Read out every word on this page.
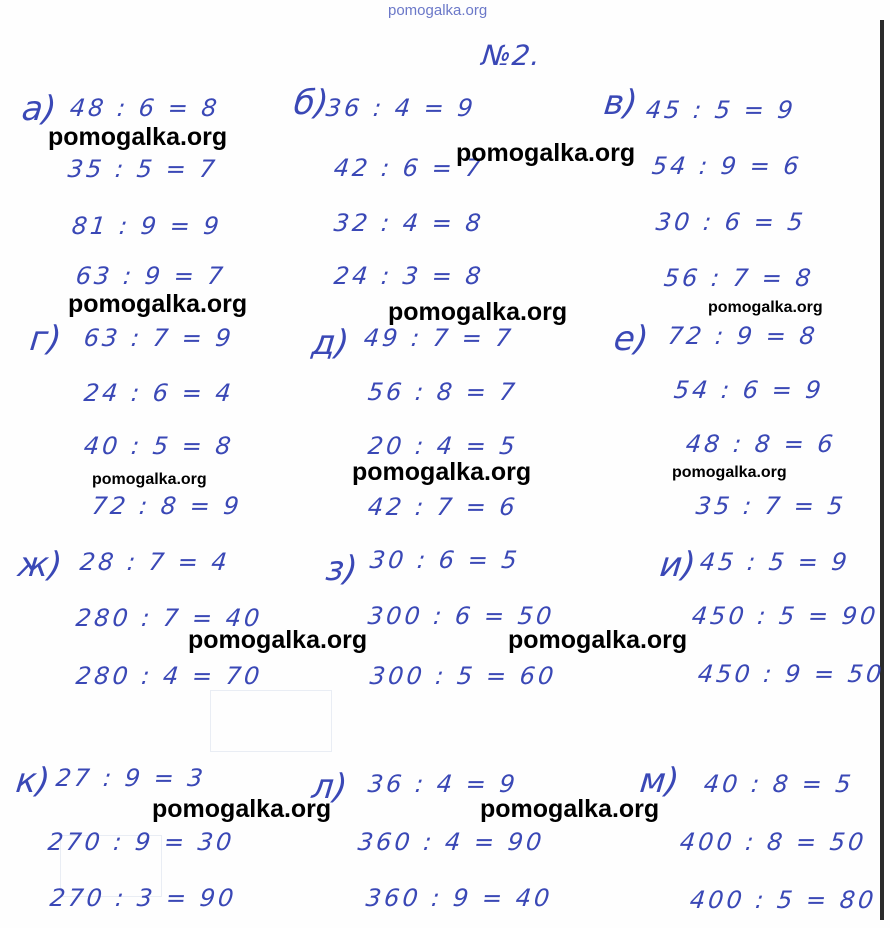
pomogalka.org
№2.
а) 48 : 6 = 8
35 : 5 = 7
81 : 9 = 9
63 : 9 = 7
б)
36 : 4 = 9
42 : 6 = 7
32 : 4 = 8
24 : 3 = 8
в) 45 : 5 = 9
54 : 9 = 6
30 : 6 = 5
56 : 7 = 8
г) 63 : 7 = 9
24 : 6 = 4
40 : 5 = 8
72 : 8 = 9
д) 49 : 7 = 7
56 : 8 = 7
20 : 4 = 5
42 : 7 = 6
е) 72 : 9 = 8
54 : 6 = 9
48 : 8 = 6
35 : 7 = 5
ж) 28 : 7 = 4
280 : 7 = 40
280 : 4 = 70
з) 30 : 6 = 5
300 : 6 = 50
300 : 5 = 60
и) 45 : 5 = 9
450 : 5 = 90
450 : 9 = 50
к) 27 : 9 = 3
270 : 9 = 30
270 : 3 = 90
л) 36 : 4 = 9
360 : 4 = 90
360 : 9 = 40
м) 40 : 8 = 5
400 : 8 = 50
400 : 5 = 80
pomogalka.org
pomogalka.org
pomogalka.org	pomogalka.org	pomogalka.org
pomogalka.org	pomogalka.org	pomogalka.org
pomogalka.org	pomogalka.org
pomogalka.org	pomogalka.org
